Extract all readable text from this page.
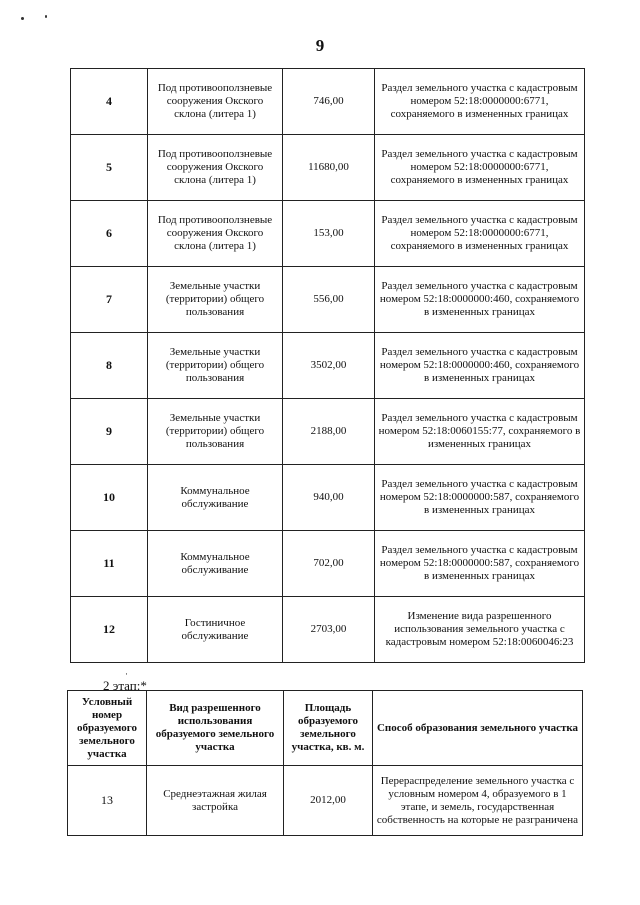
9
4	Под противооползневые сооружения Окского склона (литера 1)	746,00	Раздел земельного участка с кадастровым номером 52:18:0000000:6771, сохраняемого в измененных границах
5	Под противооползневые сооружения Окского склона (литера 1)	11680,00	Раздел земельного участка с кадастровым номером 52:18:0000000:6771, сохраняемого в измененных границах
6	Под противооползневые сооружения Окского склона (литера 1)	153,00	Раздел земельного участка с кадастровым номером 52:18:0000000:6771, сохраняемого в измененных границах
7	Земельные участки (территории) общего пользования	556,00	Раздел земельного участка с кадастровым номером 52:18:0000000:460, сохраняемого в измененных границах
8	Земельные участки (территории) общего пользования	3502,00	Раздел земельного участка с кадастровым номером 52:18:0000000:460, сохраняемого в измененных границах
9	Земельные участки (территории) общего пользования	2188,00	Раздел земельного участка с кадастровым номером 52:18:0060155:77, сохраняемого в измененных границах
10	Коммунальное обслуживание	940,00	Раздел земельного участка с кадастровым номером 52:18:0000000:587, сохраняемого в измененных границах
11	Коммунальное обслуживание	702,00	Раздел земельного участка с кадастровым номером 52:18:0000000:587, сохраняемого в измененных границах
12	Гостиничное обслуживание	2703,00	Изменение вида разрешенного использования земельного участка с кадастровым номером 52:18:0060046:23
·
2 этап:*
Условный номер образуемого земельного участка	Вид разрешенного использования образуемого земельного участка	Площадь образуемого земельного участка, кв. м.	Способ образования земельного участка
13	Среднеэтажная жилая застройка	2012,00	Перераспределение земельного участка с условным номером 4, образуемого в 1 этапе, и земель, государственная собственность на которые не разграничена
